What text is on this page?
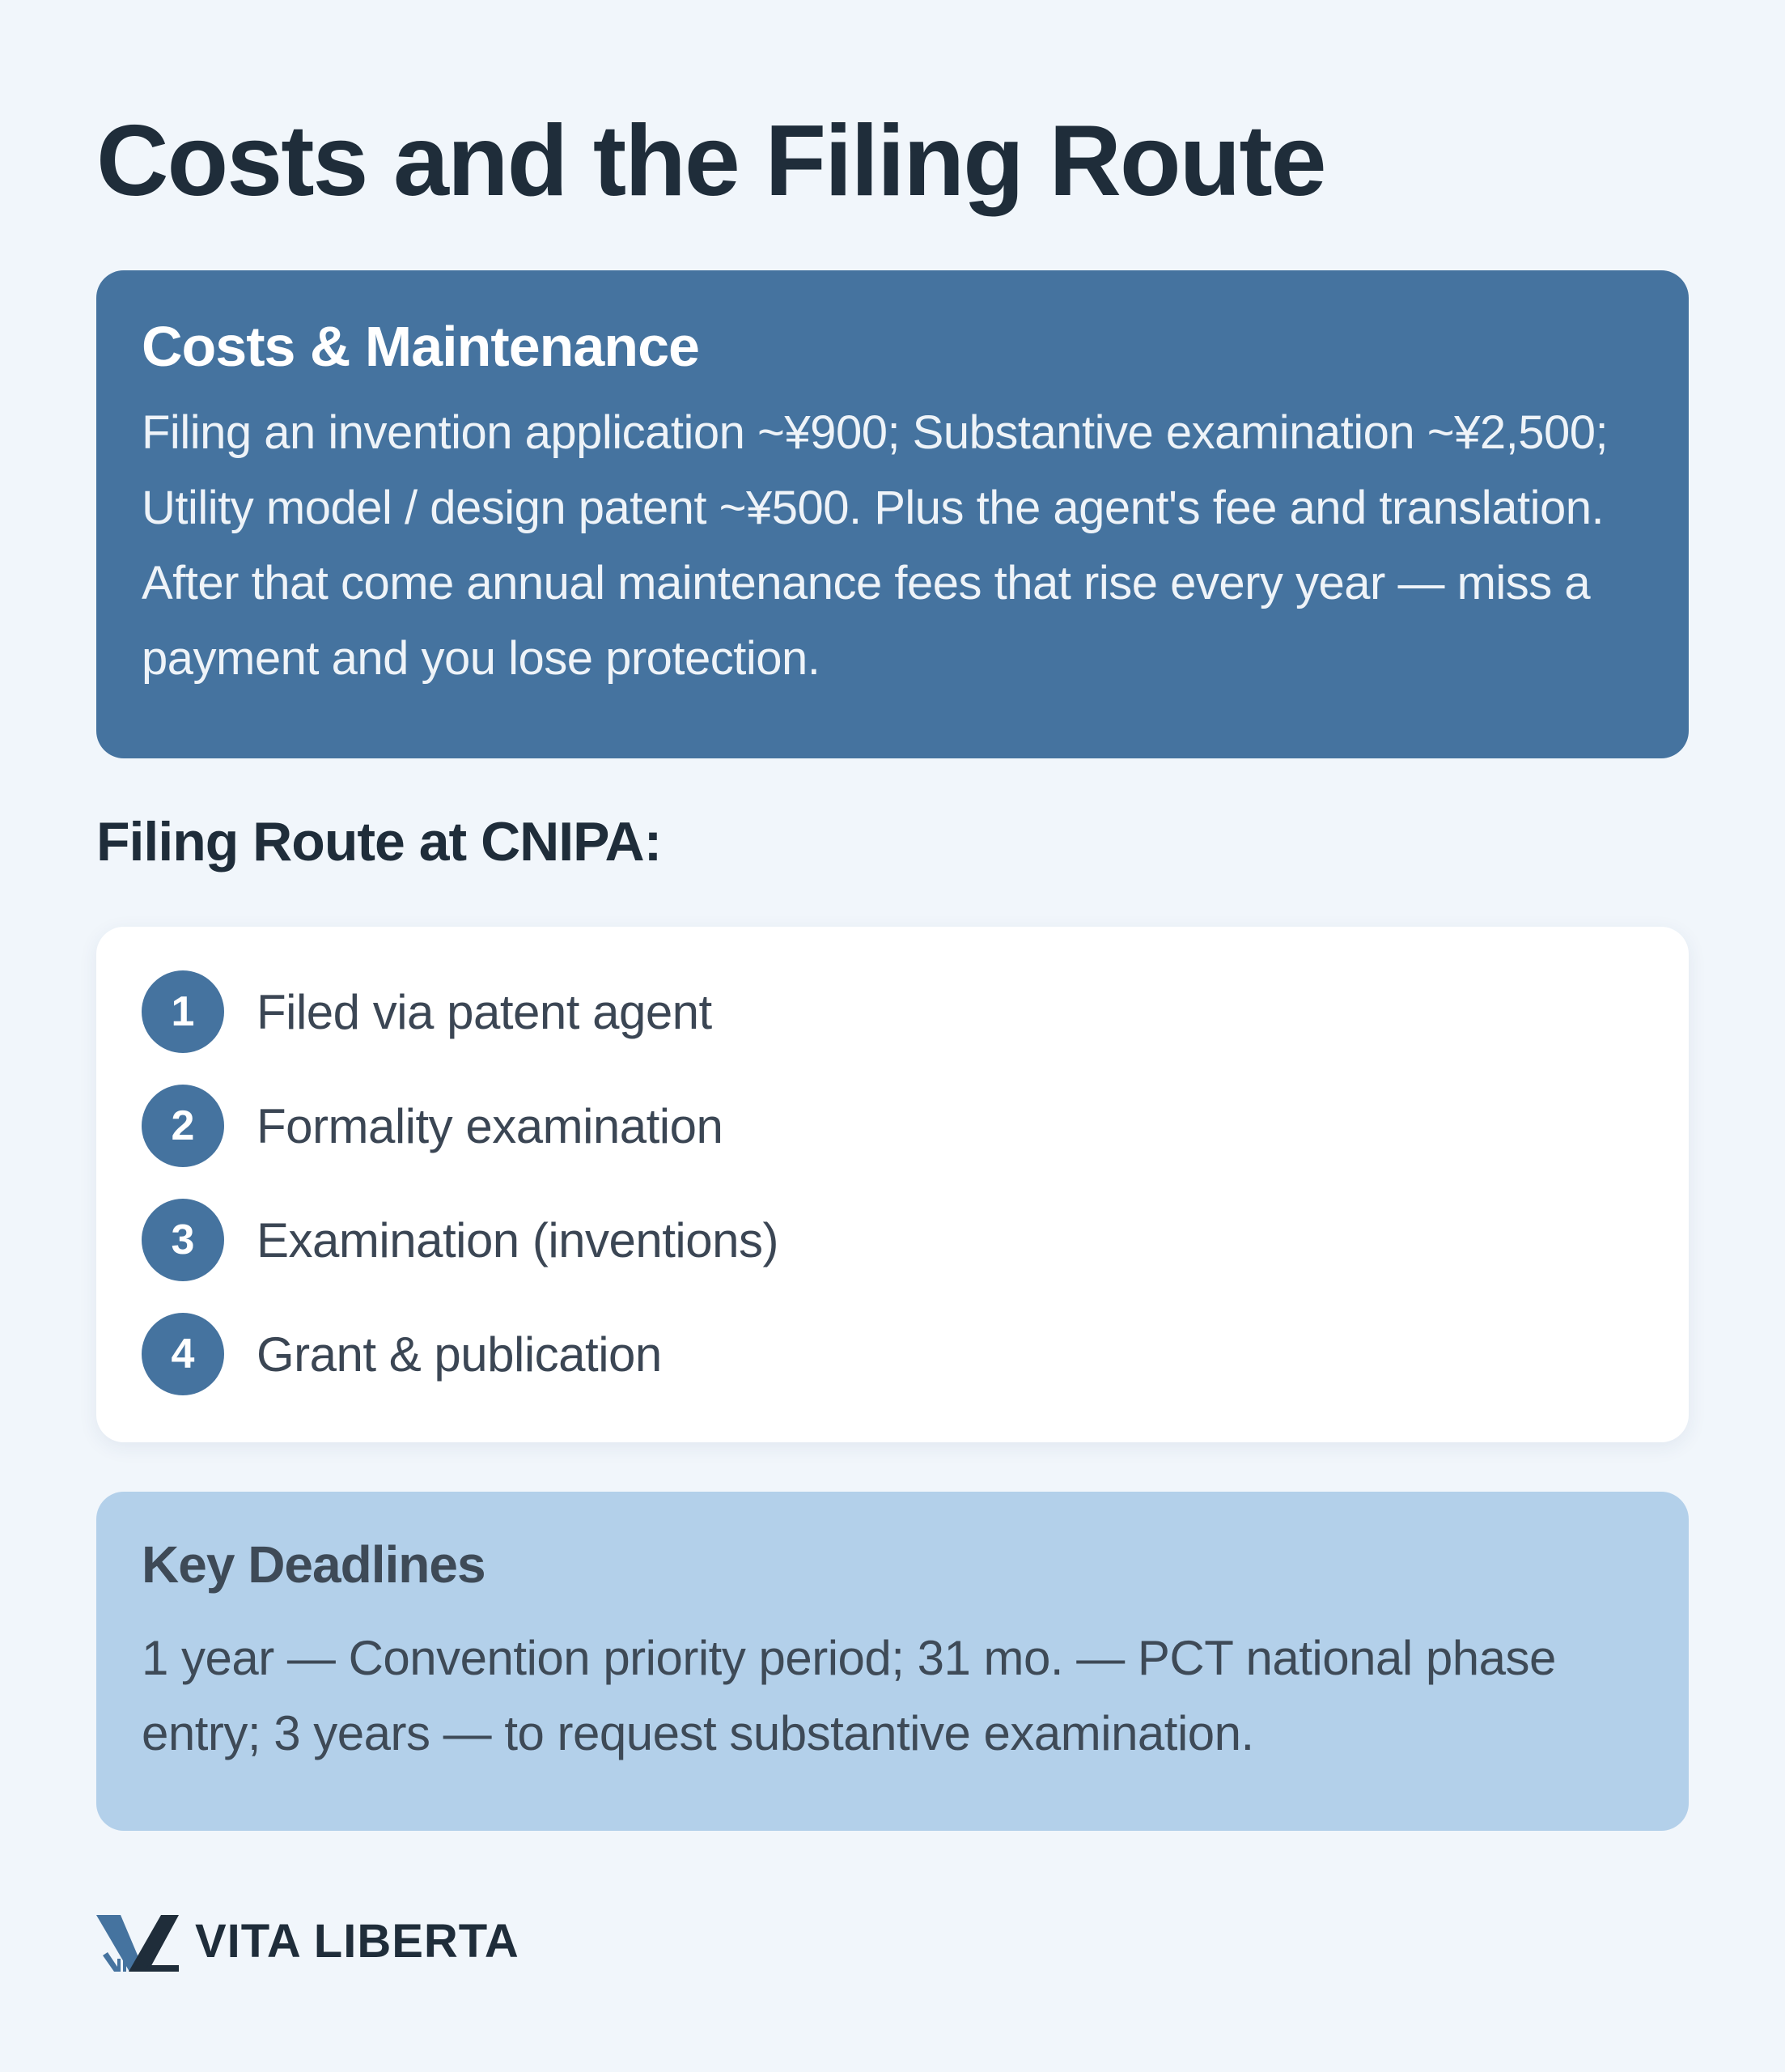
Costs and the Filing Route
Costs & Maintenance

Filing an invention application ~¥900; Substantive examination ~¥2,500; Utility model / design patent ~¥500. Plus the agent's fee and translation. After that come annual maintenance fees that rise every year — miss a payment and you lose protection.

Filing Route at CNIPA:
1	Filed via patent agent
2	Formality examination
3	Examination (inventions)
4	Grant & publication
Key Deadlines

1 year — Convention priority period; 31 mo. — PCT national phase entry; 3 years — to request substantive examination.

VITA LIBERTA
